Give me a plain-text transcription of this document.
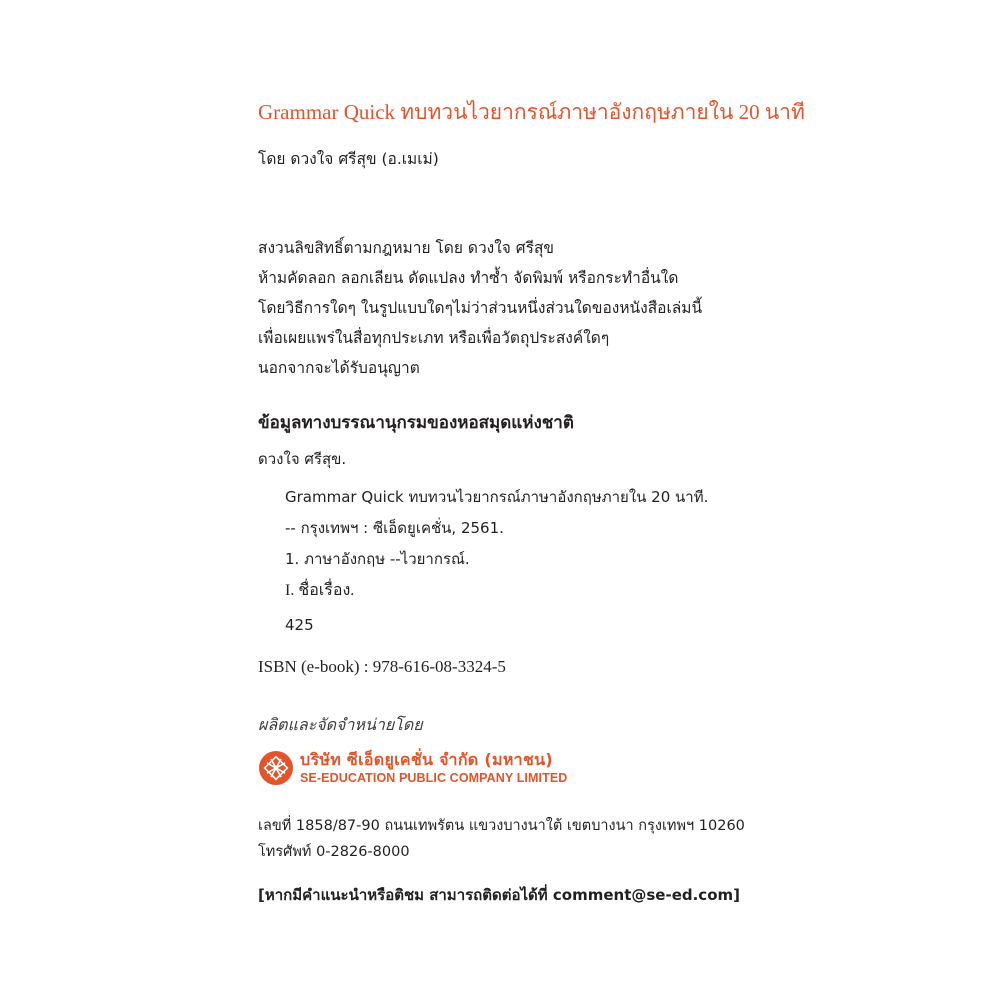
Grammar Quick ทบทวนไวยากรณ์ภาษาอังกฤษภายใน 20 นาที
โดย ดวงใจ ศรีสุข (อ.เมเม่)
สงวนลิขสิทธิ์ตามกฎหมาย โดย ดวงใจ ศรีสุข
ห้ามคัดลอก ลอกเลียน ดัดแปลง ทำซ้ำ จัดพิมพ์ หรือกระทำอื่นใด
โดยวิธีการใดๆ ในรูปแบบใดๆไม่ว่าส่วนหนึ่งส่วนใดของหนังสือเล่มนี้
เพื่อเผยแพร่ในสื่อทุกประเภท หรือเพื่อวัตถุประสงค์ใดๆ
นอกจากจะได้รับอนุญาต
ข้อมูลทางบรรณานุกรมของหอสมุดแห่งชาติ
ดวงใจ ศรีสุข.
Grammar Quick ทบทวนไวยากรณ์ภาษาอังกฤษภายใน 20 นาที.
-- กรุงเทพฯ : ซีเอ็ดยูเคชั่น, 2561.
1. ภาษาอังกฤษ --ไวยากรณ์.
I. ชื่อเรื่อง.
425
ISBN (e-book) : 978-616-08-3324-5
ผลิตและจัดจำหน่ายโดย
บริษัท ซีเอ็ดยูเคชั่น จำกัด (มหาชน)
SE-EDUCATION PUBLIC COMPANY LIMITED
เลขที่ 1858/87-90 ถนนเทพรัตน แขวงบางนาใต้ เขตบางนา กรุงเทพฯ 10260
โทรศัพท์ 0-2826-8000
[หากมีคำแนะนำหรือติชม สามารถติดต่อได้ที่ comment@se-ed.com]
